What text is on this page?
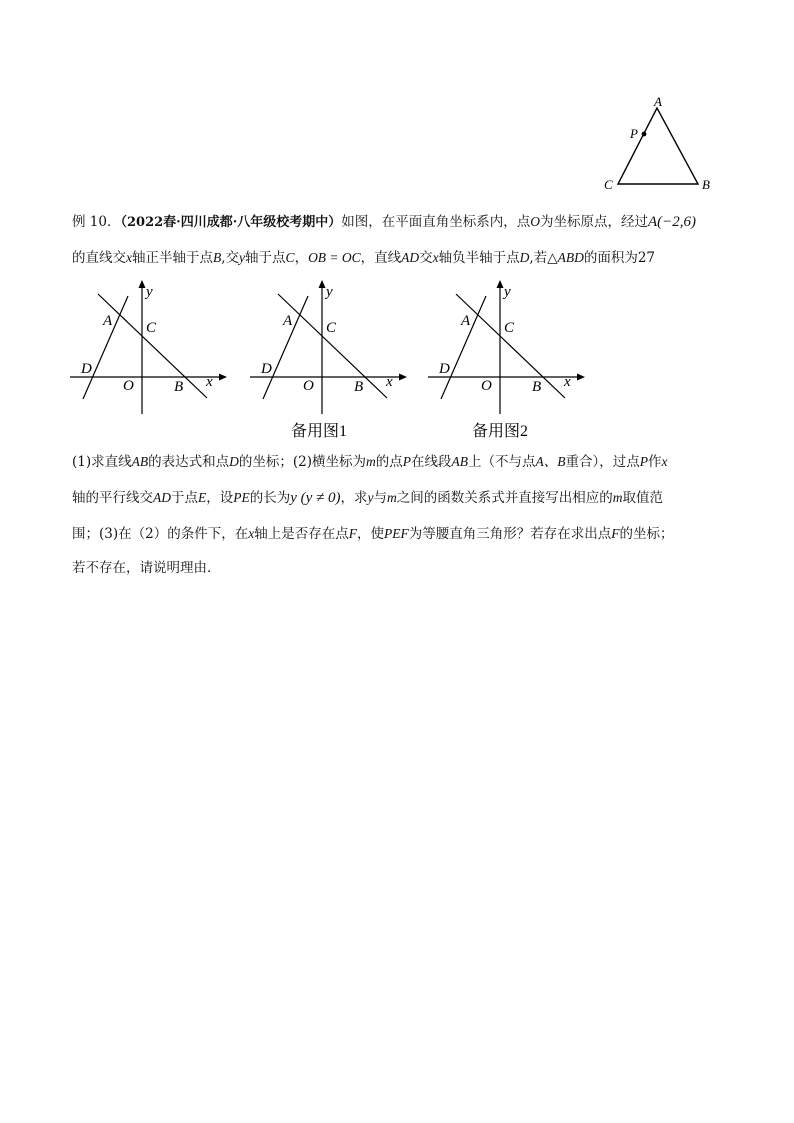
A
P
C	B
例 10．（2022春·四川成都·八年级校考期中）如图，在平面直角坐标系内，点O为坐标原点，经过A(−2,6)
的直线交x轴正半轴于点B,交y轴于点C，OB = OC，直线AD交x轴负半轴于点D,若△ABD的面积为27
A C
D
O	B x
y
A C
D
O	B x
y
备用图1
A C
D
O	B x
y
备用图2
(1)求直线AB的表达式和点D的坐标；(2)横坐标为m的点P在线段AB上（不与点A、B重合），过点P作x
轴的平行线交AD于点E，设PE的长为y (y ≠ 0)，求y与m之间的函数关系式并直接写出相应的m取值范
围；(3)在（2）的条件下，在x轴上是否存在点F，使PEF为等腰直角三角形？若存在求出点F的坐标；
若不存在，请说明理由．
